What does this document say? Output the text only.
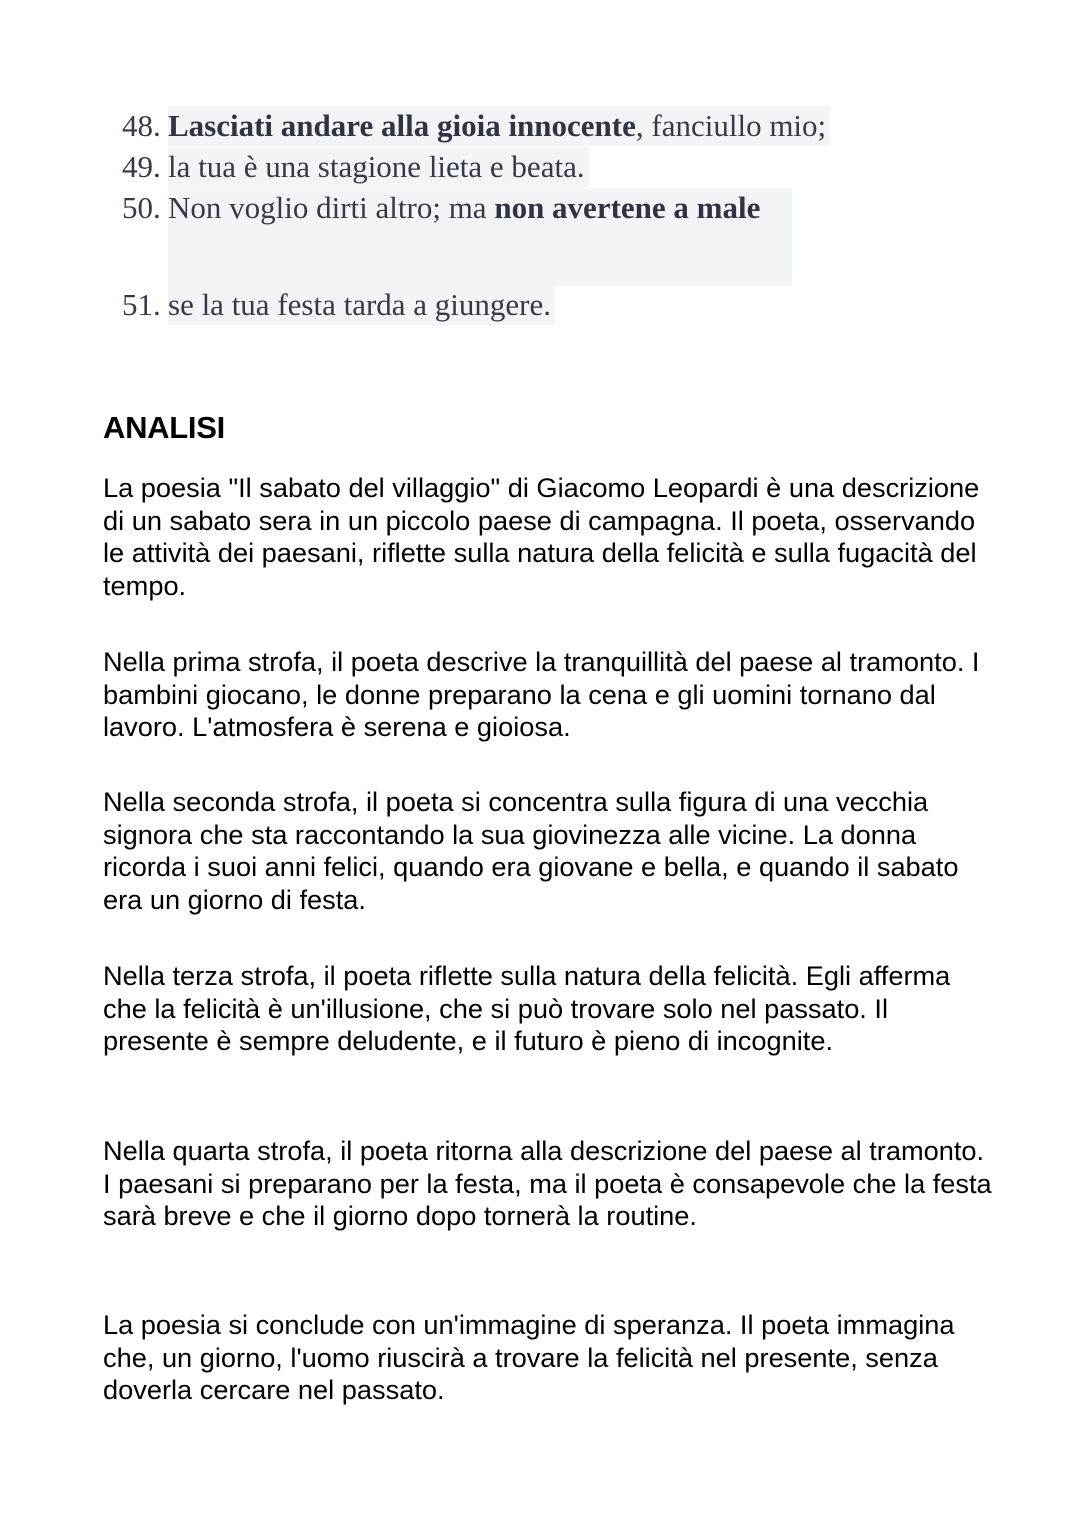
48. Lasciati andare alla gioia innocente, fanciullo mio;
49. la tua è una stagione lieta e beata.
50. Non voglio dirti altro; ma non avertene a male
51. se la tua festa tarda a giungere.
ANALISI

La poesia "Il sabato del villaggio" di Giacomo Leopardi è una descrizione di un sabato sera in un piccolo paese di campagna. Il poeta, osservando le attività dei paesani, riflette sulla natura della felicità e sulla fugacità del tempo.

Nella prima strofa, il poeta descrive la tranquillità del paese al tramonto. I bambini giocano, le donne preparano la cena e gli uomini tornano dal lavoro. L'atmosfera è serena e gioiosa.

Nella seconda strofa, il poeta si concentra sulla figura di una vecchia signora che sta raccontando la sua giovinezza alle vicine. La donna ricorda i suoi anni felici, quando era giovane e bella, e quando il sabato era un giorno di festa.

Nella terza strofa, il poeta riflette sulla natura della felicità. Egli afferma che la felicità è un'illusione, che si può trovare solo nel passato. Il presente è sempre deludente, e il futuro è pieno di incognite.

Nella quarta strofa, il poeta ritorna alla descrizione del paese al tramonto. I paesani si preparano per la festa, ma il poeta è consapevole che la festa sarà breve e che il giorno dopo tornerà la routine.

La poesia si conclude con un'immagine di speranza. Il poeta immagina che, un giorno, l'uomo riuscirà a trovare la felicità nel presente, senza doverla cercare nel passato.
